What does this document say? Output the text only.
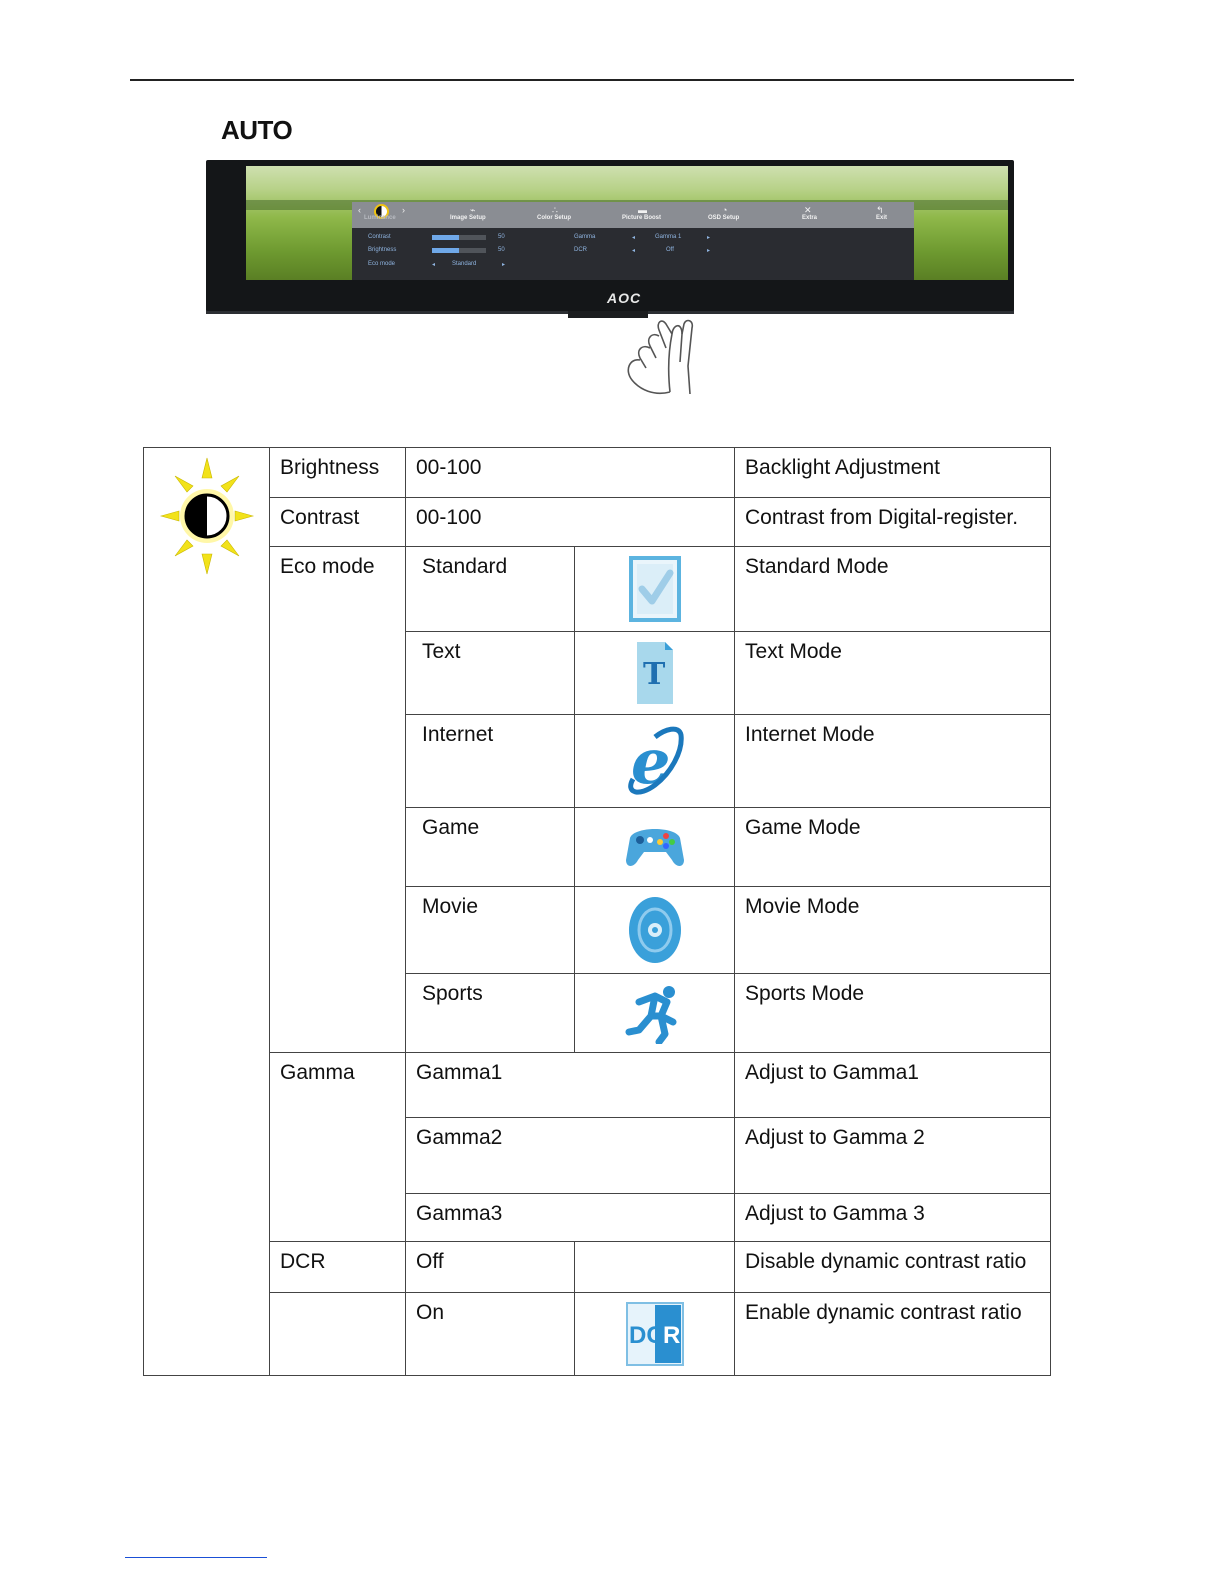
AUTO
‹	›
Luminance
⌁
Image Setup
∴
Color Setup
▬
Picture Boost
◔
OSD Setup
✕
Extra
↰
Exit
Contrast	50
Brightness	50
Eco mode	◂	Standard	▸
Gamma	◂	Gamma 1	▸
DCR	◂	Off	▸
AOC
	Brightness	00-100		Backlight Adjustment
	Contrast	00-100		Contrast from Digital-register.
	Eco mode	Standard		Standard Mode
		Text	T	Text Mode
		Internet	e	Internet Mode
		Game		Game Mode
		Movie		Movie Mode
		Sports		Sports Mode
	Gamma	Gamma1		Adjust to Gamma1
		Gamma2		Adjust to Gamma 2
		Gamma3		Adjust to Gamma 3
	DCR	Off		Disable dynamic contrast ratio
		On	DC R	Enable dynamic contrast ratio
